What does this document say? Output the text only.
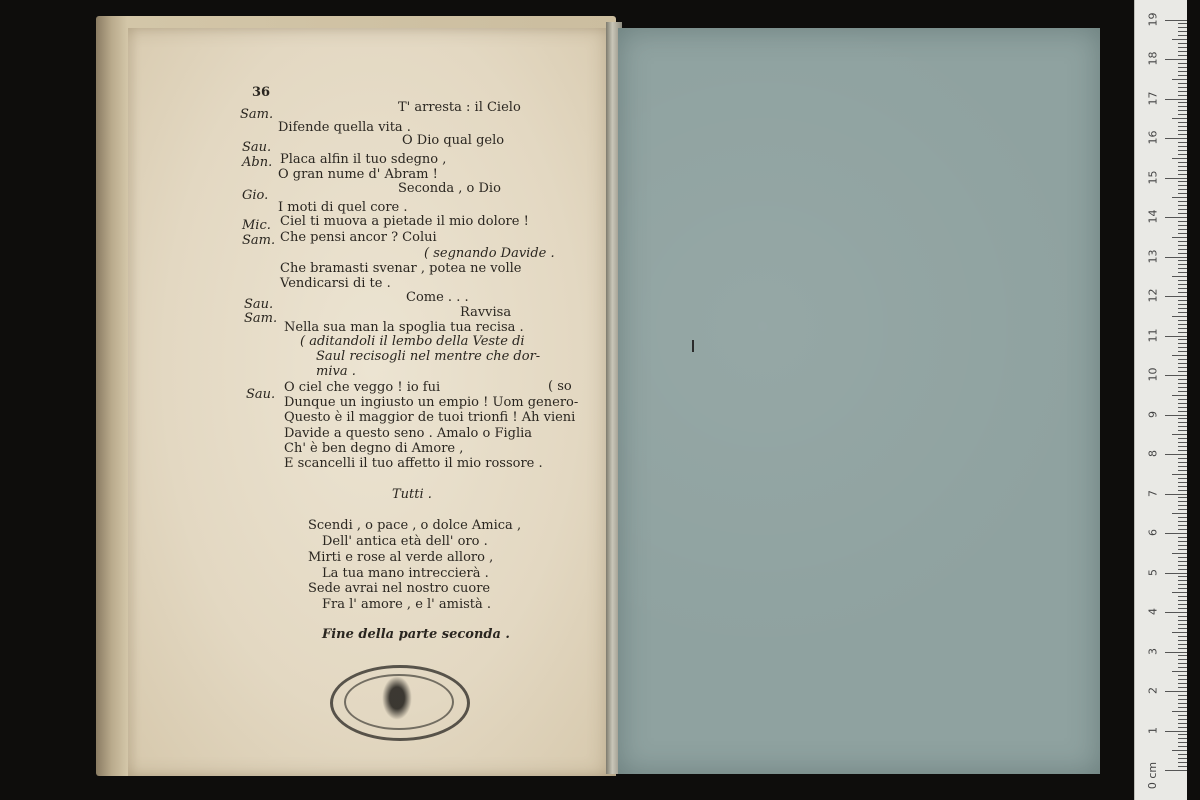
36
Sam.	T' arresta : il Cielo
Difende quella vita .
Sau.	O Dio qual gelo
Abn. Placa alfin il tuo sdegno ,
O gran nume d' Abram !
Gio.	Seconda , o Dio
I moti di quel core .
Mic. Ciel ti muova a pietade il mio dolore !
Sam. Che pensi ancor ? Colui
( segnando Davide .
Che bramasti svenar , potea ne volle
Vendicarsi di te .
Sau.	Come . . .
Sam.	Ravvisa
Nella sua man la spoglia tua recisa .
( aditandoli il lembo della Veste di
Saul recisogli nel mentre che dor-
miva .
Sau. O ciel che veggo ! io fui	( so
Dunque un ingiusto un empio ! Uom genero-
Questo è il maggior de tuoi trionfi ! Ah vieni
Davide a questo seno . Amalo o Figlia
Ch' è ben degno di Amore ,
E scancelli il tuo affetto il mio rossore .
Tutti .
Scendi , o pace , o dolce Amica ,
Dell' antica età dell' oro .
Mirti e rose al verde alloro ,
La tua mano intreccierà .
Sede avrai nel nostro cuore
Fra l' amore , e l' amistà .
Fine della parte seconda .
0 cm
1
2
3
4
5
6
7
8
9
10
11
12
13
14
15
16
17
18
19
